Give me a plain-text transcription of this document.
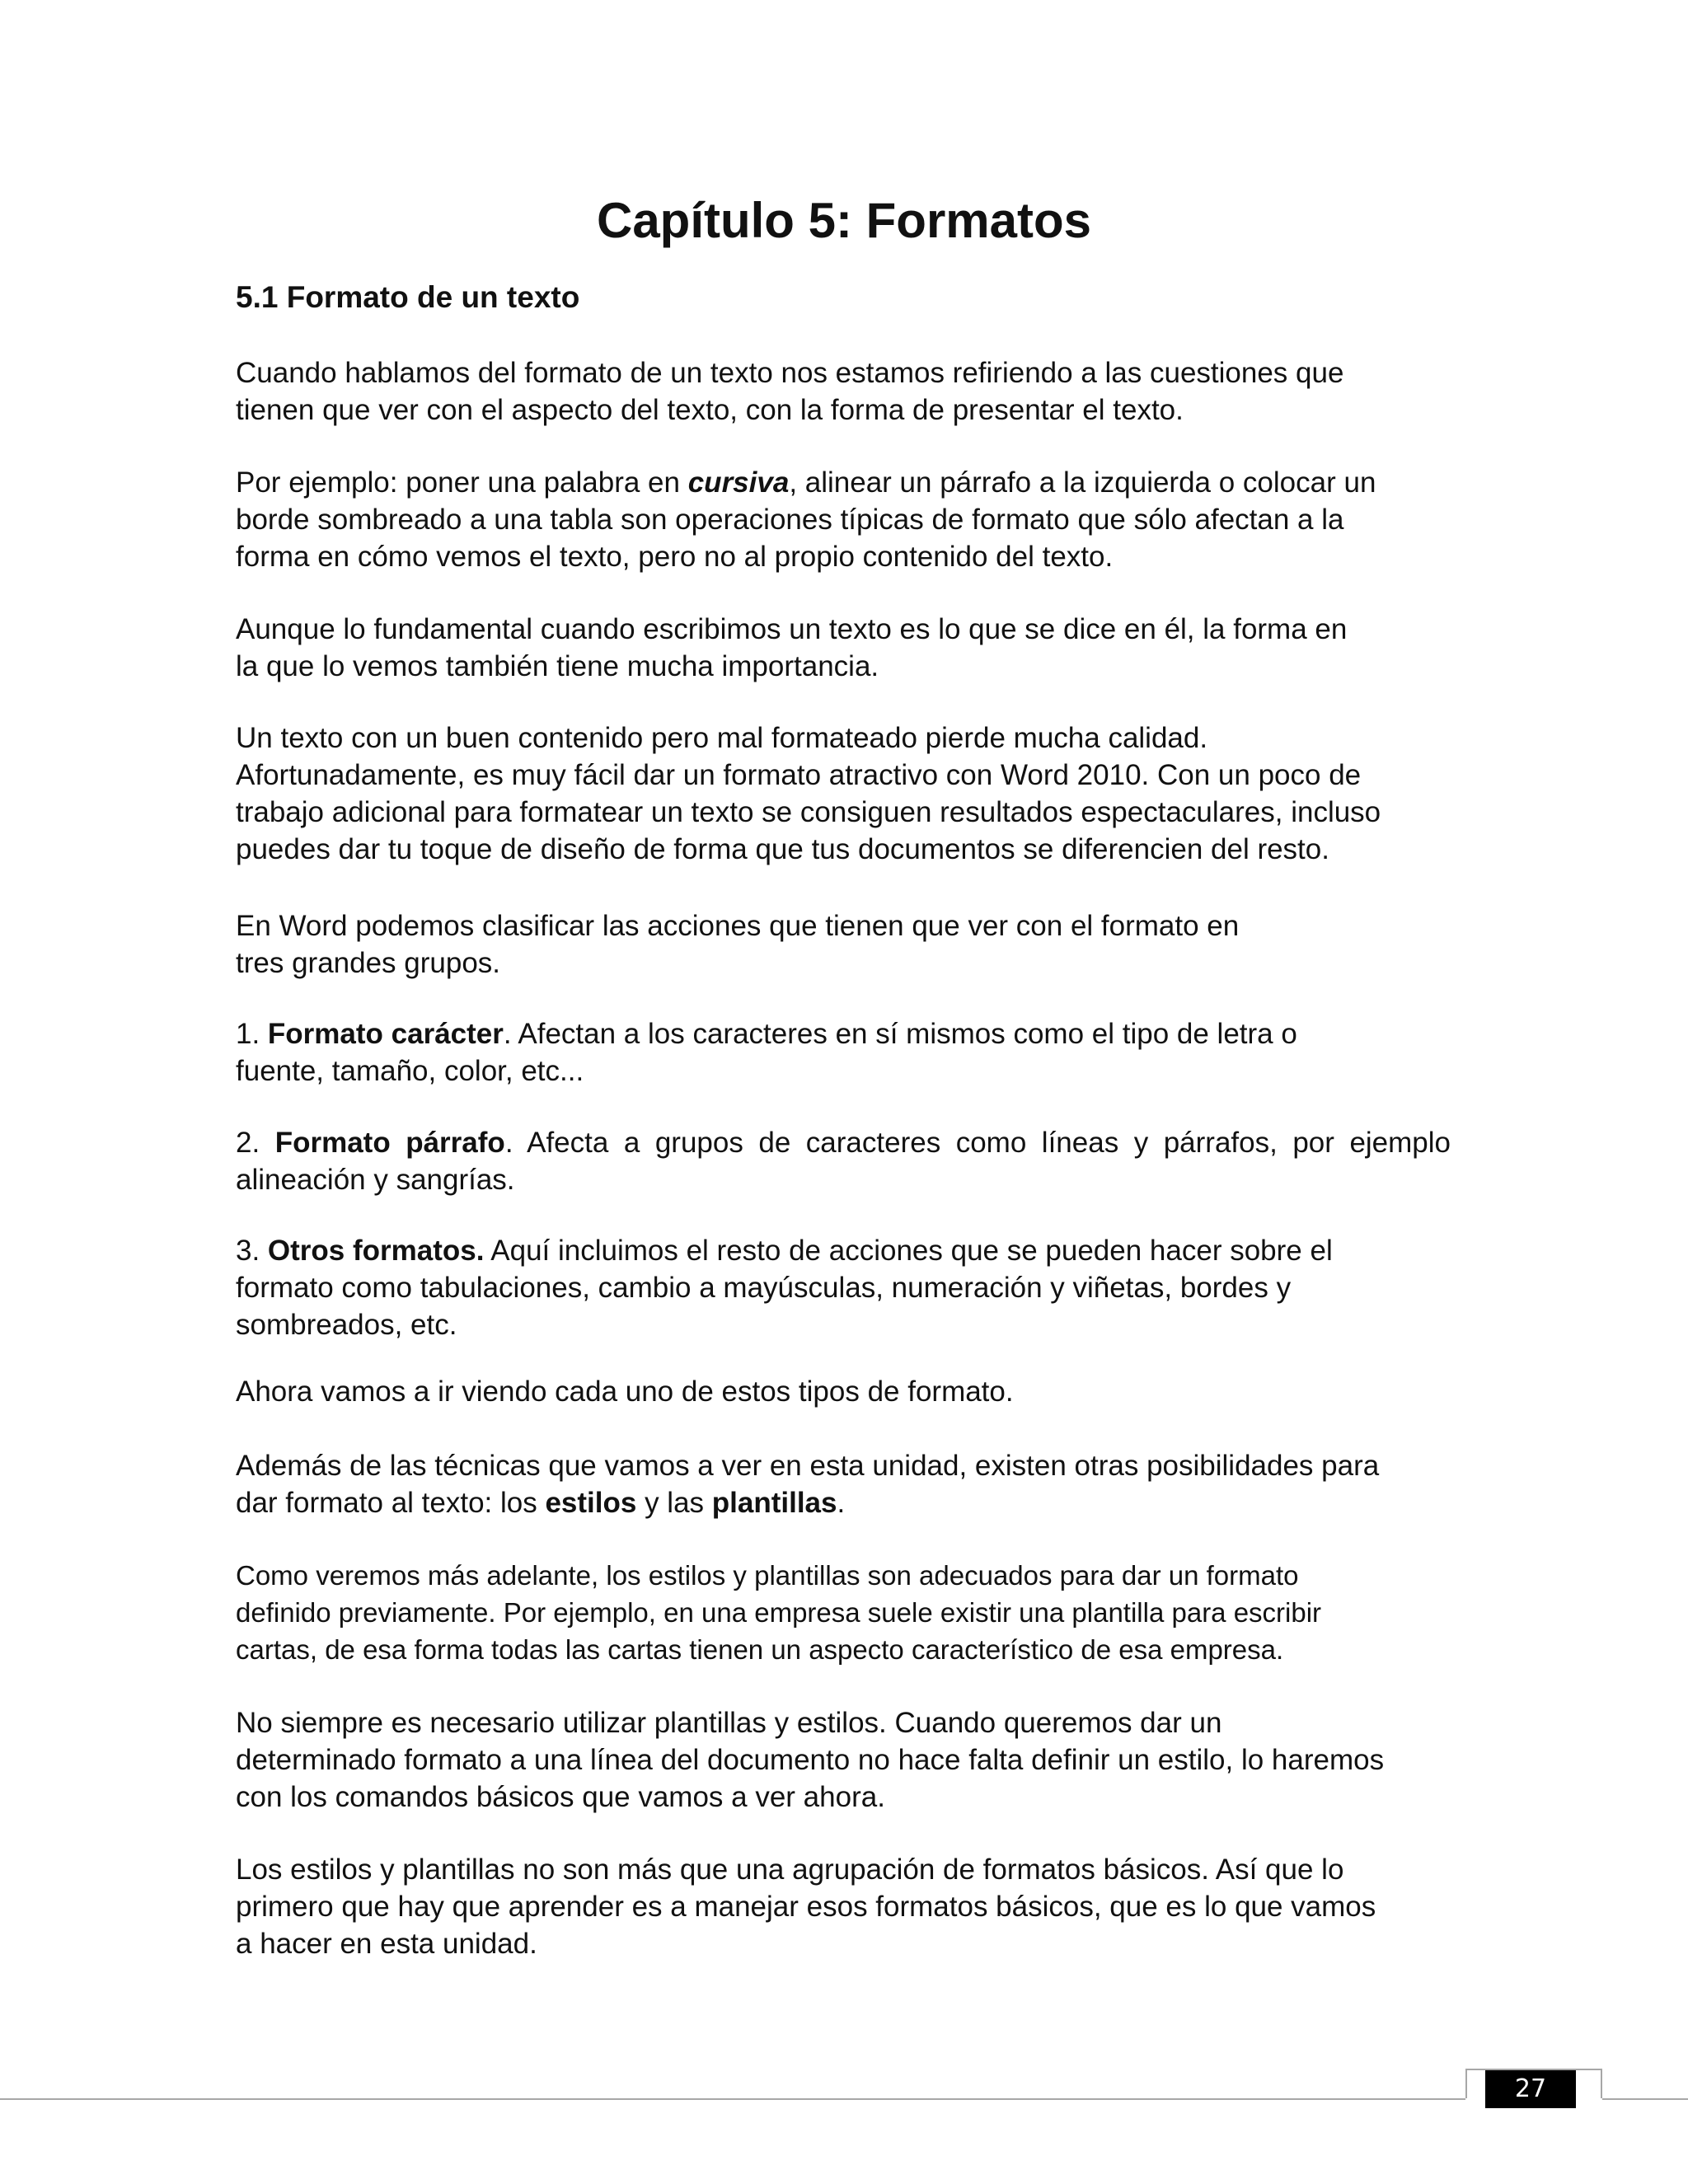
Capítulo 5: Formatos
5.1 Formato de un texto

Cuando hablamos del formato de un texto nos estamos refiriendo a las cuestiones que
tienen que ver con el aspecto del texto, con la forma de presentar el texto.

Por ejemplo: poner una palabra en cursiva, alinear un párrafo a la izquierda o colocar un
borde sombreado a una tabla son operaciones típicas de formato que sólo afectan a la
forma en cómo vemos el texto, pero no al propio contenido del texto.

Aunque lo fundamental cuando escribimos un texto es lo que se dice en él, la forma en
la que lo vemos también tiene mucha importancia.

Un texto con un buen contenido pero mal formateado pierde mucha calidad.
Afortunadamente, es muy fácil dar un formato atractivo con Word 2010. Con un poco de
trabajo adicional para formatear un texto se consiguen resultados espectaculares, incluso
puedes dar tu toque de diseño de forma que tus documentos se diferencien del resto.

En Word podemos clasificar las acciones que tienen que ver con el formato en
tres grandes grupos.

1. Formato carácter. Afectan a los caracteres en sí mismos como el tipo de letra o
fuente, tamaño, color, etc...

2. Formato párrafo. Afecta a grupos de caracteres como líneas y párrafos, por ejemplo alineación y sangrías.

3. Otros formatos. Aquí incluimos el resto de acciones que se pueden hacer sobre el
formato como tabulaciones, cambio a mayúsculas, numeración y viñetas, bordes y
sombreados, etc.

Ahora vamos a ir viendo cada uno de estos tipos de formato.

Además de las técnicas que vamos a ver en esta unidad, existen otras posibilidades para
dar formato al texto: los estilos y las plantillas.

Como veremos más adelante, los estilos y plantillas son adecuados para dar un formato
definido previamente. Por ejemplo, en una empresa suele existir una plantilla para escribir
cartas, de esa forma todas las cartas tienen un aspecto característico de esa empresa.

No siempre es necesario utilizar plantillas y estilos. Cuando queremos dar un
determinado formato a una línea del documento no hace falta definir un estilo, lo haremos
con los comandos básicos que vamos a ver ahora.

Los estilos y plantillas no son más que una agrupación de formatos básicos. Así que lo
primero que hay que aprender es a manejar esos formatos básicos, que es lo que vamos
a hacer en esta unidad.

27
